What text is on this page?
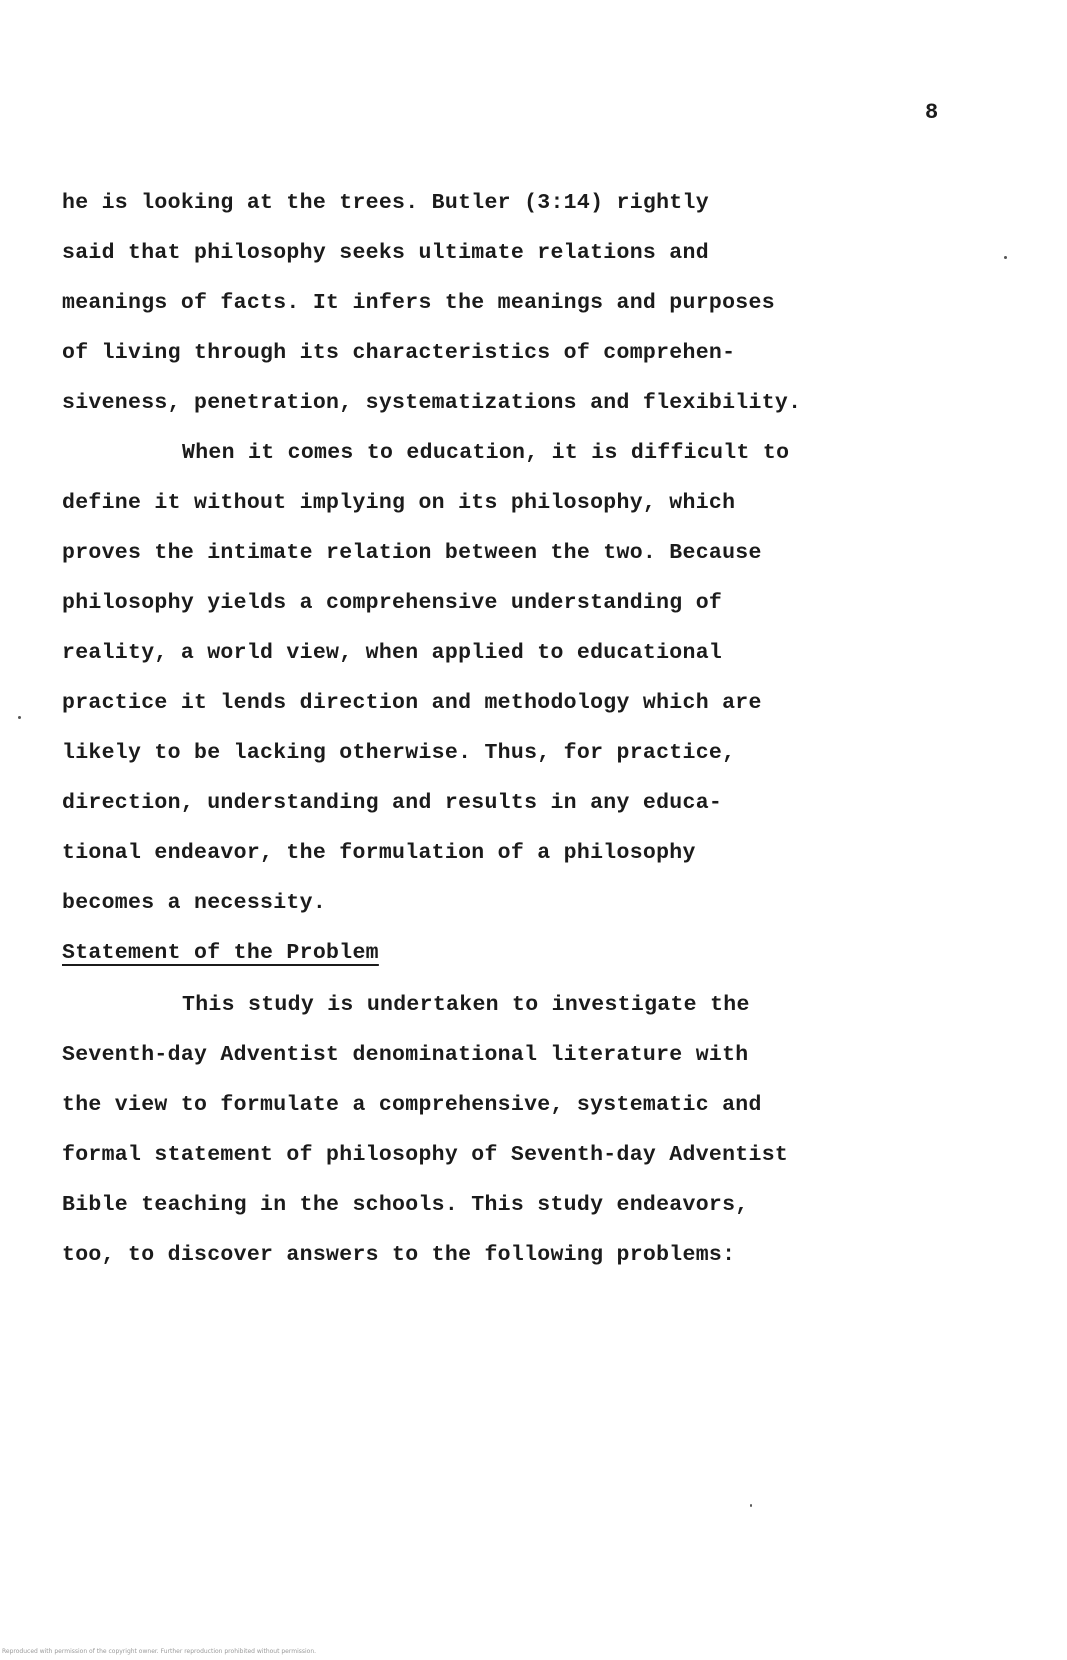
8
he is looking at the trees. Butler (3:14) rightly
said that philosophy seeks ultimate relations and
meanings of facts. It infers the meanings and purposes
of living through its characteristics of comprehen-
siveness, penetration, systematizations and flexibility.
When it comes to education, it is difficult to
define it without implying on its philosophy, which
proves the intimate relation between the two. Because
philosophy yields a comprehensive understanding of
reality, a world view, when applied to educational
practice it lends direction and methodology which are
likely to be lacking otherwise. Thus, for practice,
direction, understanding and results in any educa-
tional endeavor, the formulation of a philosophy
becomes a necessity.
Statement of the Problem
This study is undertaken to investigate the
Seventh-day Adventist denominational literature with
the view to formulate a comprehensive, systematic and
formal statement of philosophy of Seventh-day Adventist
Bible teaching in the schools. This study endeavors,
too, to discover answers to the following problems:
Reproduced with permission of the copyright owner. Further reproduction prohibited without permission.
